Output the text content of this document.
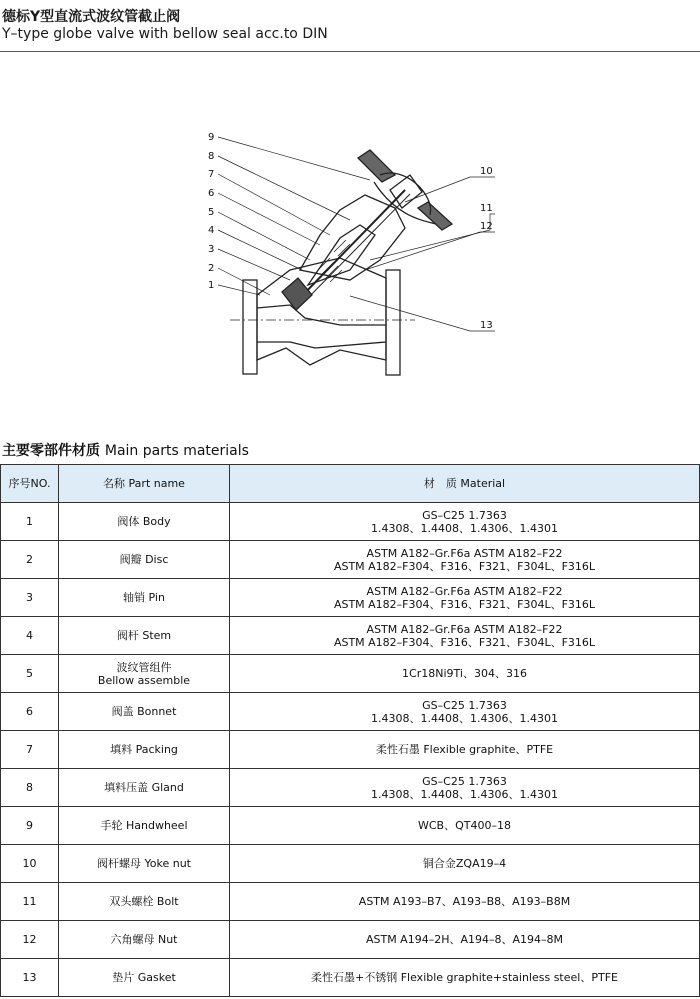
德标Y型直流式波纹管截止阀
Y–type globe valve with bellow seal acc.to DIN
9
8
7
6
5
4
3
2
1
10
11
12
13
主要零部件材质 Main parts materials
序号NO.	名称 Part name	材　质 Material
1	阀体 Body	GS–C25 1.7363
1.4308、1.4408、1.4306、1.4301

2	阀瓣 Disc	ASTM A182–Gr.F6a ASTM A182–F22
ASTM A182–F304、F316、F321、F304L、F316L

3	轴销 Pin	ASTM A182–Gr.F6a ASTM A182–F22
ASTM A182–F304、F316、F321、F304L、F316L

4	阀杆 Stem	ASTM A182–Gr.F6a ASTM A182–F22
ASTM A182–F304、F316、F321、F304L、F316L

5	波纹管组件
Bellow assemble	1Cr18Ni9Ti、304、316

6	阀盖 Bonnet	GS–C25 1.7363
1.4308、1.4408、1.4306、1.4301

7	填料 Packing	柔性石墨 Flexible graphite、PTFE

8	填料压盖 Gland	GS–C25 1.7363
1.4308、1.4408、1.4306、1.4301

9	手轮 Handwheel	WCB、QT400–18

10	阀杆螺母 Yoke nut	铜合金ZQA19–4

11	双头螺栓 Bolt	ASTM A193–B7、A193–B8、A193–B8M

12	六角螺母 Nut	ASTM A194–2H、A194–8、A194–8M

13	垫片 Gasket	柔性石墨+不锈钢 Flexible graphite+stainless steel、PTFE
